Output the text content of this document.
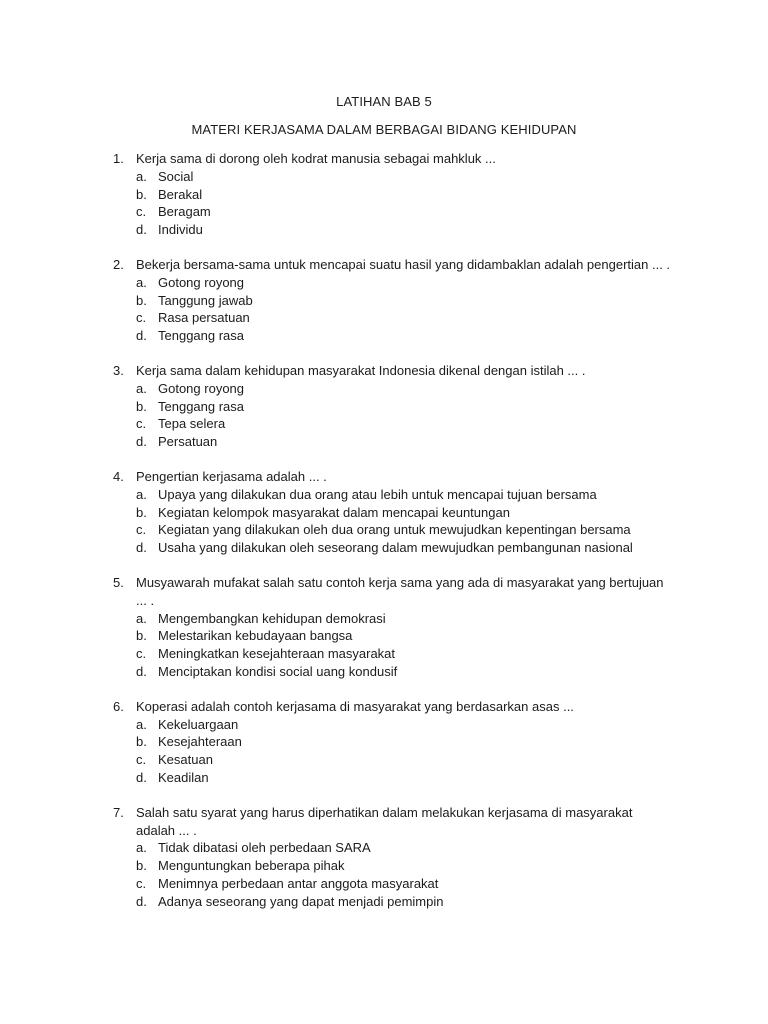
LATIHAN BAB 5
MATERI KERJASAMA DALAM BERBAGAI BIDANG KEHIDUPAN
1. Kerja sama di dorong oleh kodrat manusia sebagai mahkluk ...
a. Social
b. Berakal
c. Beragam
d. Individu
2. Bekerja bersama-sama untuk mencapai suatu hasil yang didambaklan adalah pengertian ... .
a. Gotong royong
b. Tanggung jawab
c. Rasa persatuan
d. Tenggang rasa
3. Kerja sama dalam kehidupan masyarakat Indonesia dikenal dengan istilah ... .
a. Gotong royong
b. Tenggang rasa
c. Tepa selera
d. Persatuan
4. Pengertian kerjasama adalah ... .
a. Upaya yang dilakukan dua orang atau lebih untuk mencapai tujuan bersama
b. Kegiatan kelompok masyarakat dalam mencapai keuntungan
c. Kegiatan yang dilakukan oleh dua orang untuk mewujudkan kepentingan bersama
d. Usaha yang dilakukan oleh seseorang dalam mewujudkan pembangunan nasional
5. Musyawarah mufakat salah satu contoh kerja sama yang ada di masyarakat yang bertujuan ... .
a. Mengembangkan kehidupan demokrasi
b. Melestarikan kebudayaan bangsa
c. Meningkatkan kesejahteraan masyarakat
d. Menciptakan kondisi social uang kondusif
6. Koperasi adalah contoh kerjasama di masyarakat yang berdasarkan asas ...
a. Kekeluargaan
b. Kesejahteraan
c. Kesatuan
d. Keadilan
7. Salah satu syarat yang harus diperhatikan dalam melakukan kerjasama di masyarakat adalah ... .
a. Tidak dibatasi oleh perbedaan SARA
b. Menguntungkan beberapa pihak
c. Menimnya perbedaan antar anggota masyarakat
d. Adanya seseorang yang dapat menjadi pemimpin
